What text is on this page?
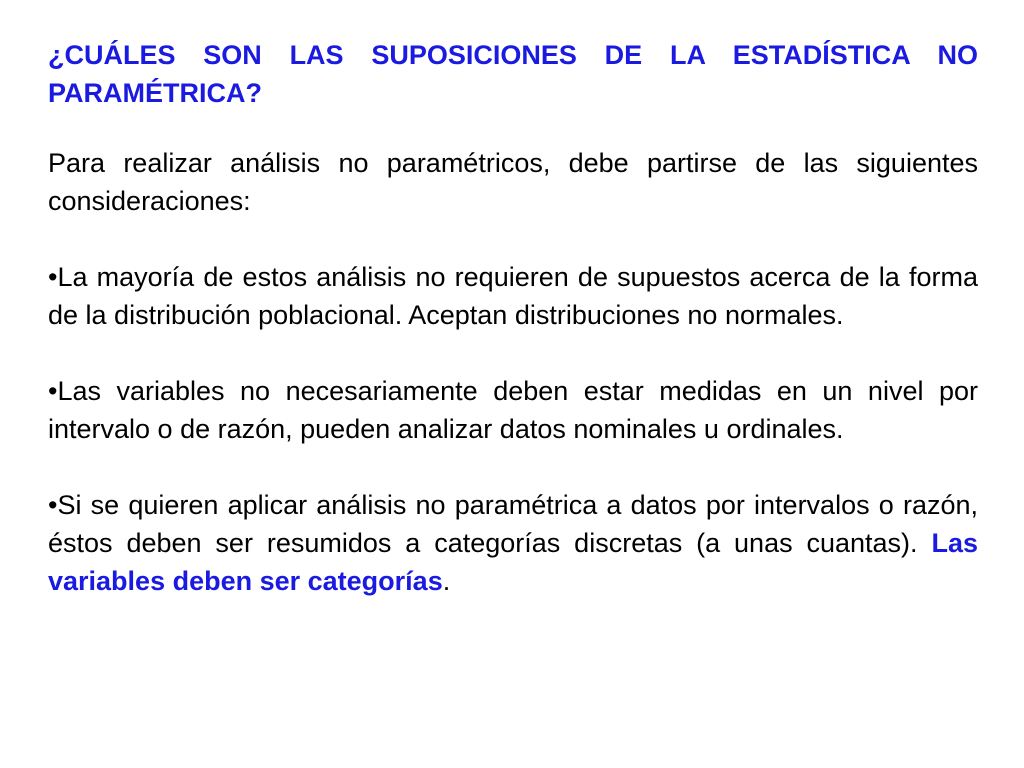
¿CUÁLES SON LAS SUPOSICIONES DE LA ESTADÍSTICA NO PARAMÉTRICA?

Para realizar análisis no paramétricos, debe partirse de las siguientes consideraciones:

•La mayoría de estos análisis no requieren de supuestos acerca de la forma de la distribución poblacional. Aceptan distribuciones no normales.

•Las variables no necesariamente deben estar medidas en un nivel por intervalo o de razón, pueden analizar datos nominales u ordinales.

•Si se quieren aplicar análisis no paramétrica a datos por intervalos o razón, éstos deben ser resumidos a categorías discretas (a unas cuantas). Las variables deben ser categorías.
